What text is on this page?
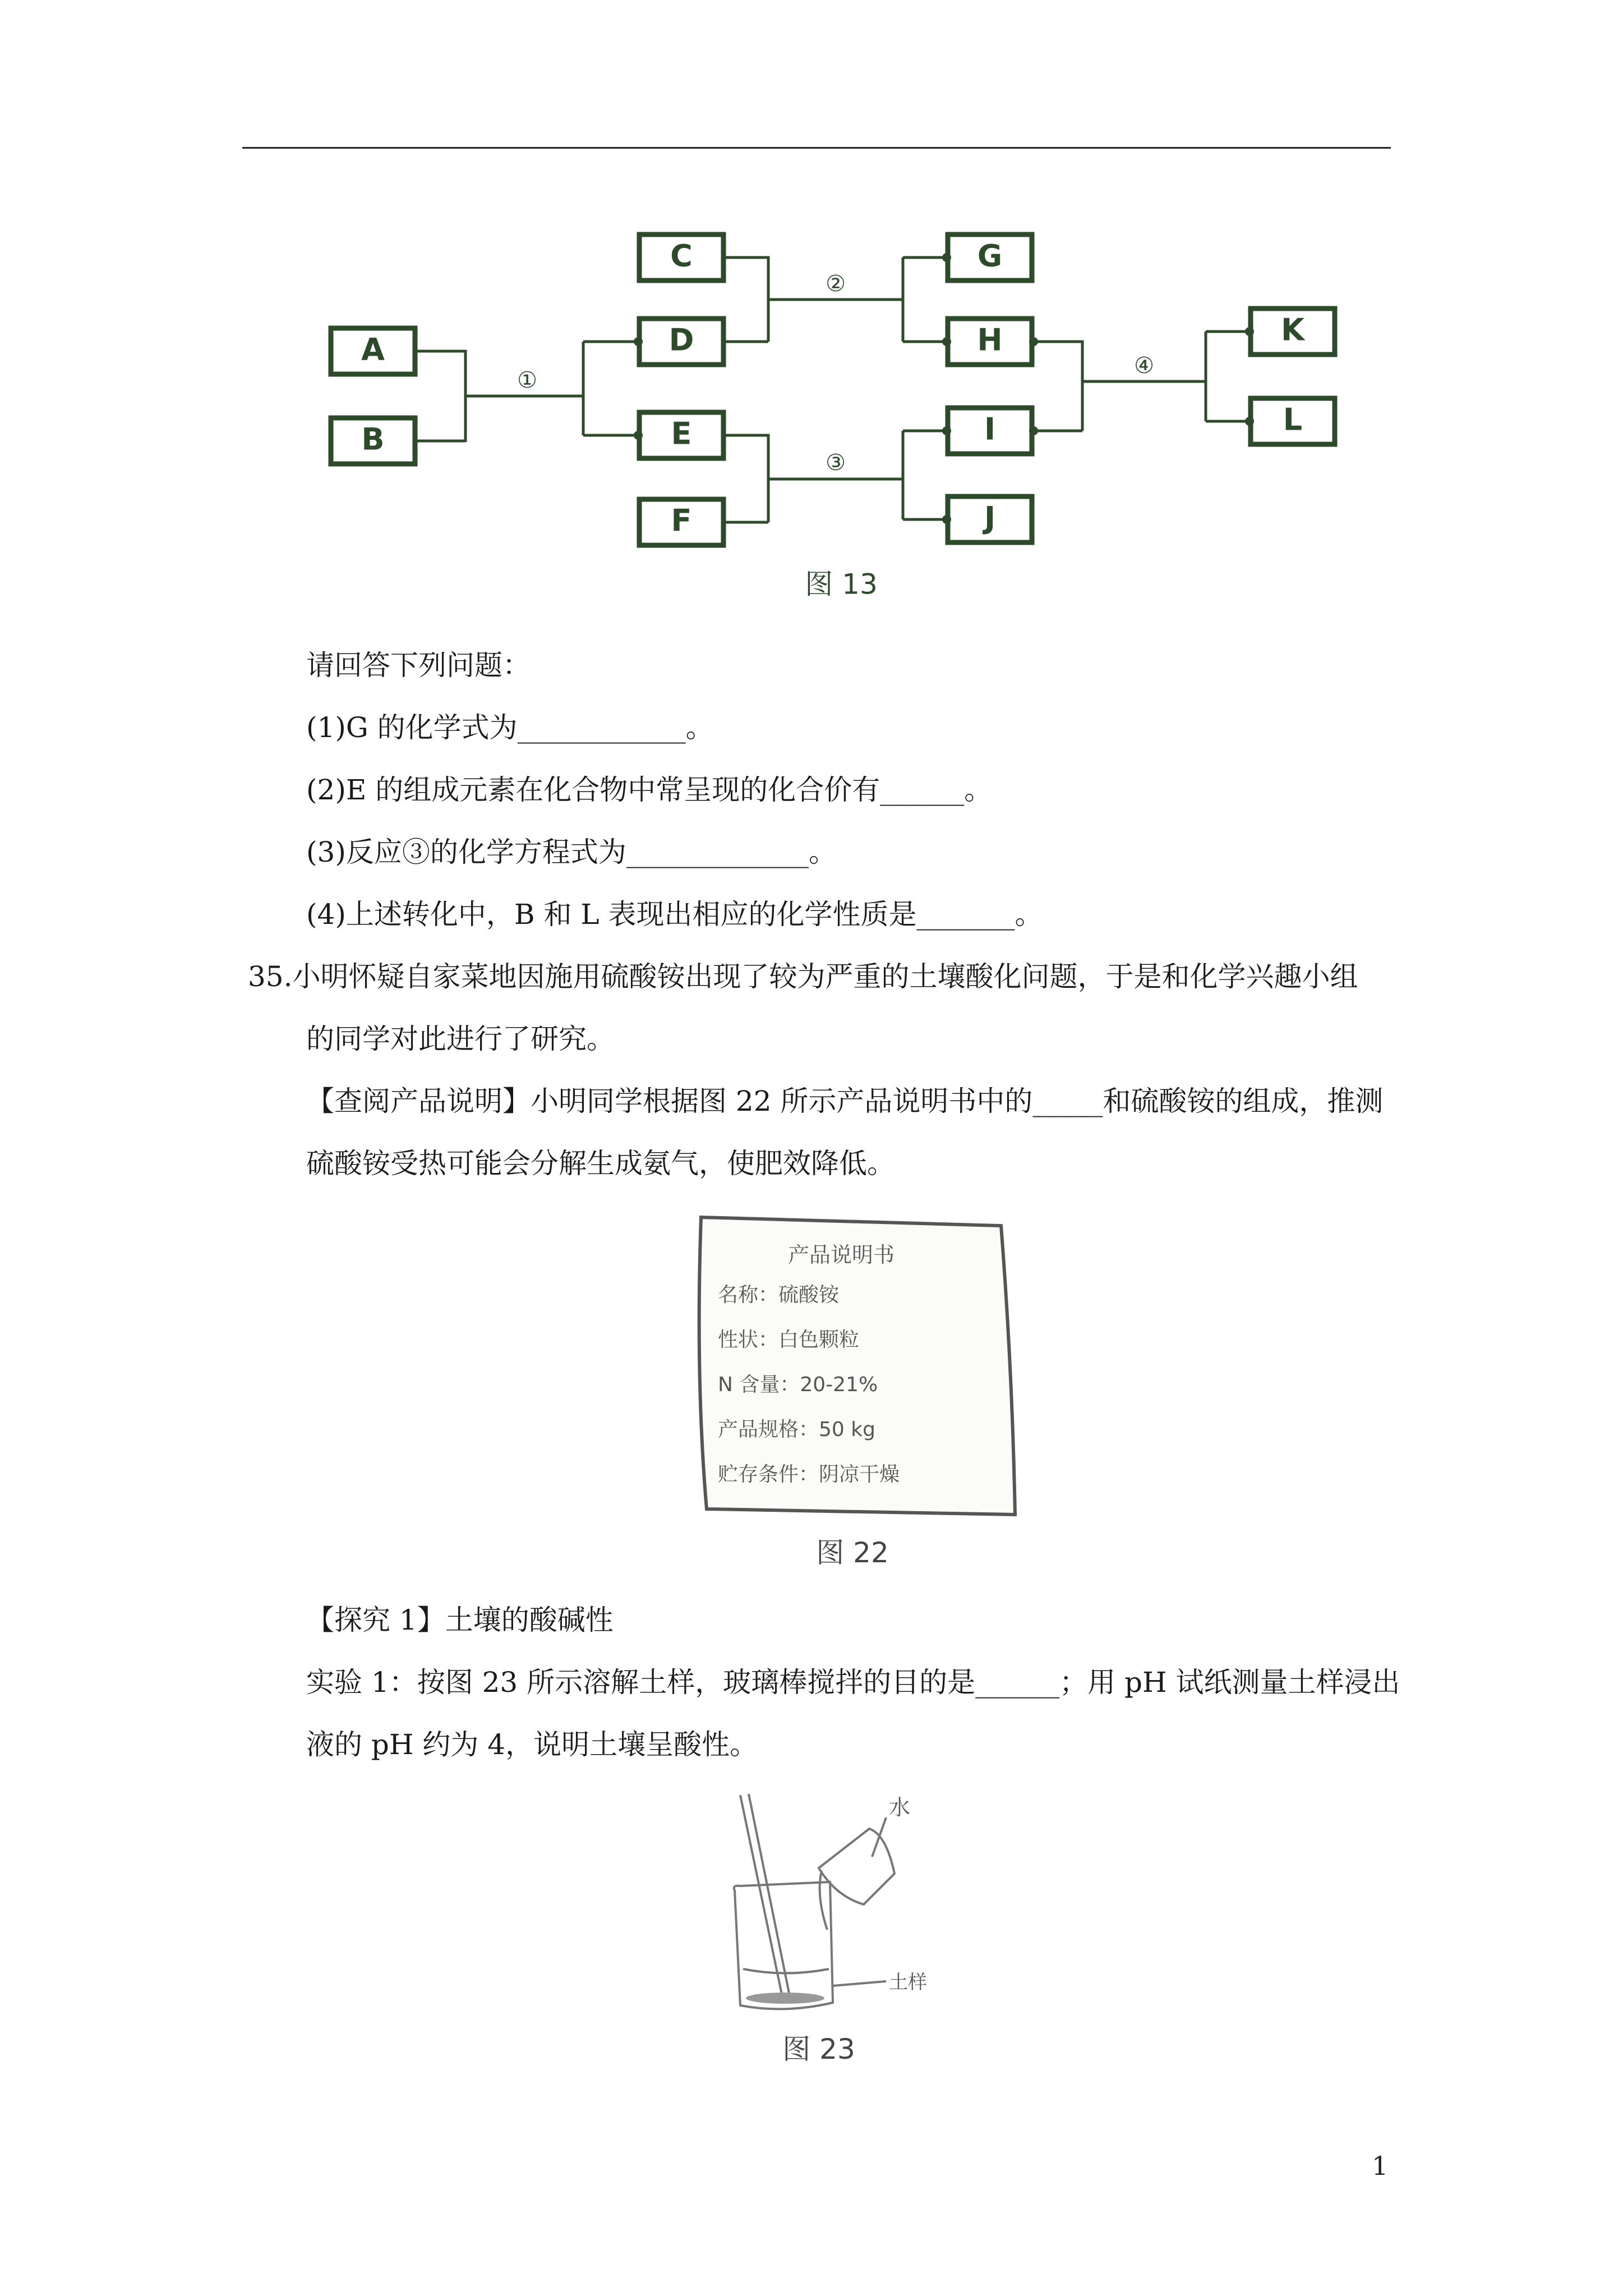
A
B
C
D
E
F
G
H
I
J
K
L
①
②
③
④
图 13
请回答下列问题：
(1)G 的化学式为____________。
(2)E 的组成元素在化合物中常呈现的化合价有______。
(3)反应③的化学方程式为_____________。
(4)上述转化中，B 和 L 表现出相应的化学性质是_______。
35.小明怀疑自家菜地因施用硫酸铵出现了较为严重的土壤酸化问题，于是和化学兴趣小组
的同学对此进行了研究。
【查阅产品说明】小明同学根据图 22 所示产品说明书中的_____和硫酸铵的组成，推测
硫酸铵受热可能会分解生成氨气，使肥效降低。
【探究 1】土壤的酸碱性
实验 1：按图 23 所示溶解土样，玻璃棒搅拌的目的是______；用 pH 试纸测量土样浸出
液的 pH 约为 4，说明土壤呈酸性。
产品说明书
名称：硫酸铵
性状：白色颗粒
N 含量：20-21%
产品规格：50 kg
贮存条件：阴凉干燥
图 22
水
土样
图 23
1
